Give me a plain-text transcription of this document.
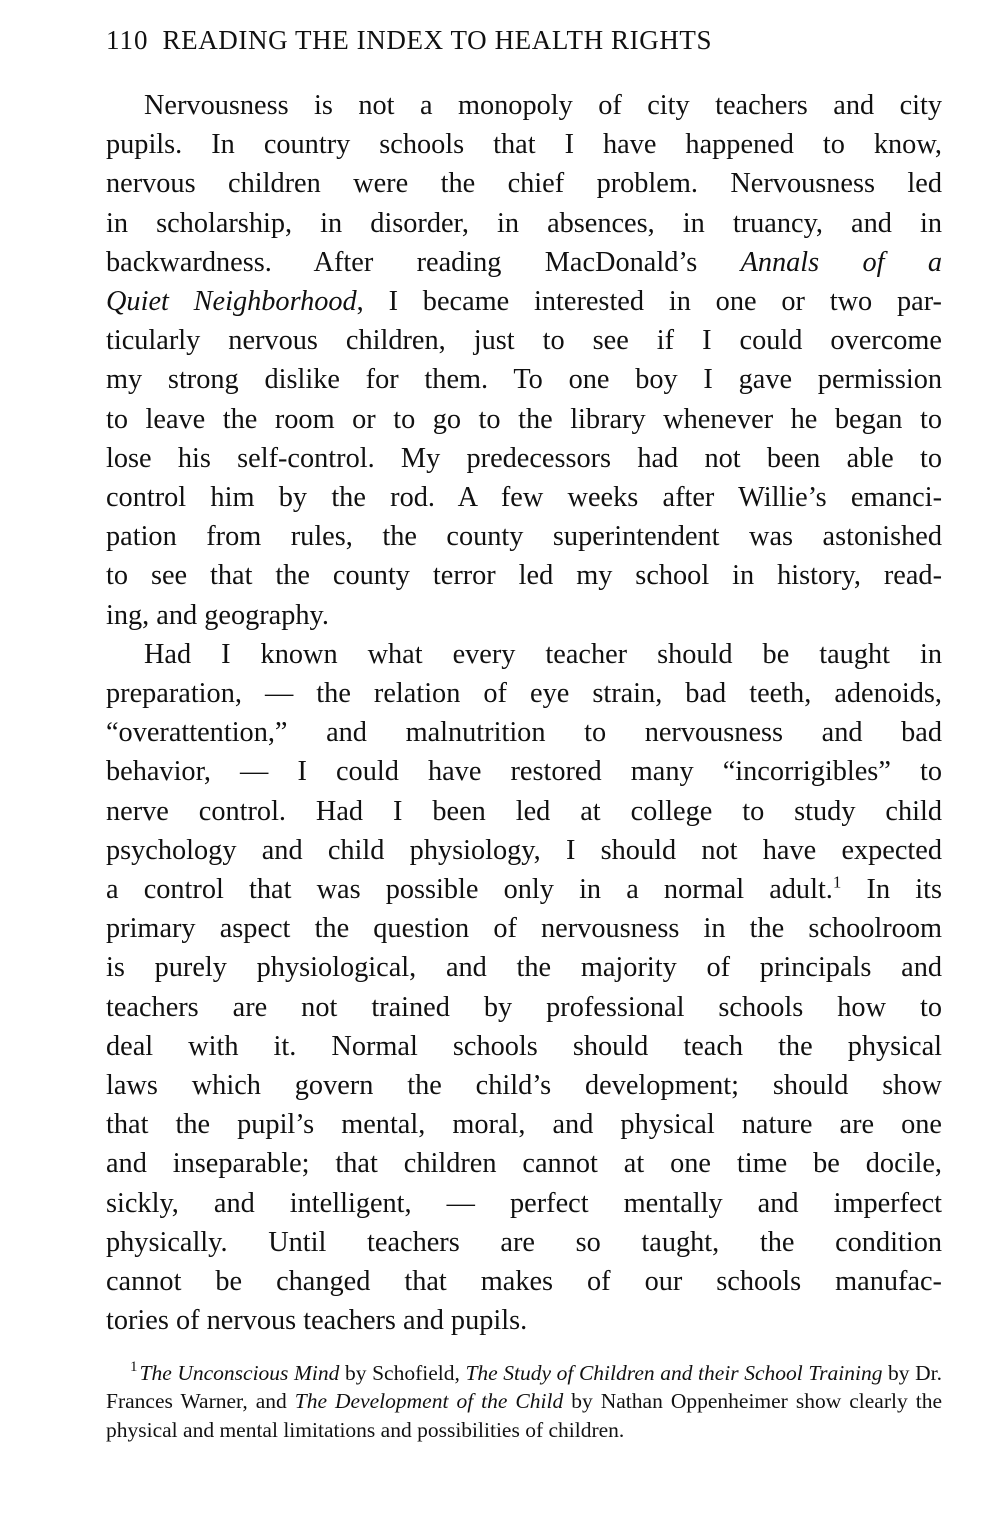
110 READING THE INDEX TO HEALTH RIGHTS

Nervousness is not a monopoly of city teachers and city
pupils. In country schools that I have happened to know,
nervous children were the chief problem. Nervousness led
in scholarship, in disorder, in absences, in truancy, and in
backwardness. After reading MacDonald’s Annals of a
Quiet Neighborhood, I became interested in one or two par-
ticularly nervous children, just to see if I could overcome
my strong dislike for them. To one boy I gave permission
to leave the room or to go to the library whenever he began to
lose his self-control. My predecessors had not been able to
control him by the rod. A few weeks after Willie’s emanci-
pation from rules, the county superintendent was astonished
to see that the county terror led my school in history, read-
ing, and geography.

Had I known what every teacher should be taught in
preparation, — the relation of eye strain, bad teeth, adenoids,
“overattention,” and malnutrition to nervousness and bad
behavior, — I could have restored many “incorrigibles” to
nerve control. Had I been led at college to study child
psychology and child physiology, I should not have expected
a control that was possible only in a normal adult.$^1$ In its
primary aspect the question of nervousness in the schoolroom
is purely physiological, and the majority of principals and
teachers are not trained by professional schools how to
deal with it. Normal schools should teach the physical
laws which govern the child’s development; should show
that the pupil’s mental, moral, and physical nature are one
and inseparable; that children cannot at one time be docile,
sickly, and intelligent, — perfect mentally and imperfect
physically. Until teachers are so taught, the condition
cannot be changed that makes of our schools manufac-
tories of nervous teachers and pupils.

$^1$The Unconscious Mind by Schofield, The Study of Children and their School Training by Dr. Frances Warner, and The Development of the Child by Nathan Oppenheimer show clearly the physical and mental limitations and possibilities of children.
